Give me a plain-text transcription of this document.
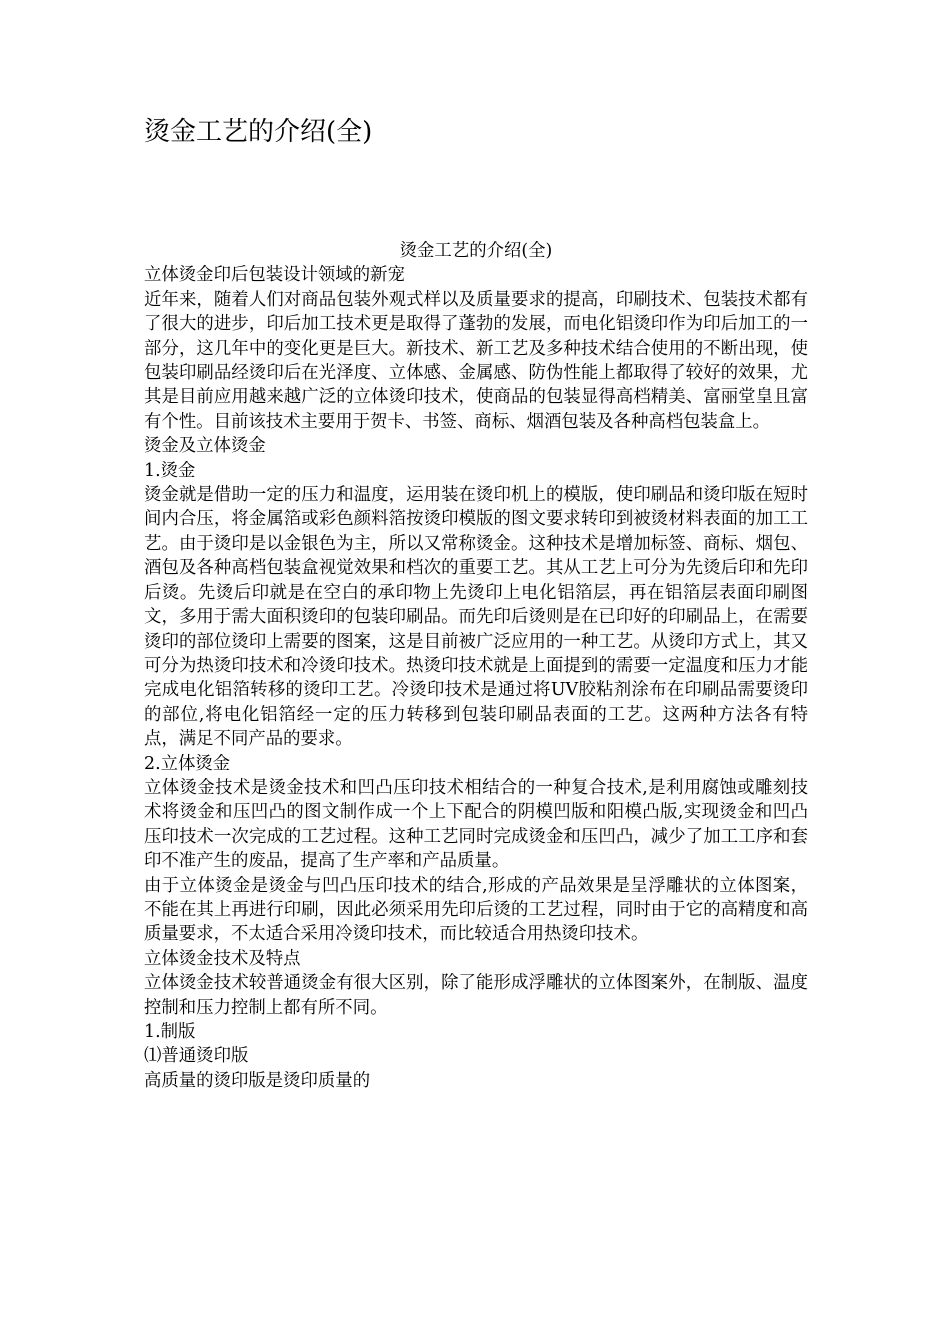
烫金工艺的介绍(全)

烫金工艺的介绍(全)

立体烫金印后包装设计领域的新宠

近年来，随着人们对商品包装外观式样以及质量要求的提高，印刷技术、包装技术都有了很大的进步，印后加工技术更是取得了蓬勃的发展，而电化铝烫印作为印后加工的一部分，这几年中的变化更是巨大。新技术、新工艺及多种技术结合使用的不断出现，使包装印刷品经烫印后在光泽度、立体感、金属感、防伪性能上都取得了较好的效果，尤其是目前应用越来越广泛的立体烫印技术，使商品的包装显得高档精美、富丽堂皇且富有个性。目前该技术主要用于贺卡、书签、商标、烟酒包装及各种高档包装盒上。

烫金及立体烫金

1.烫金

烫金就是借助一定的压力和温度，运用装在烫印机上的模版，使印刷品和烫印版在短时间内合压，将金属箔或彩色颜料箔按烫印模版的图文要求转印到被烫材料表面的加工工艺。由于烫印是以金银色为主，所以又常称烫金。这种技术是增加标签、商标、烟包、酒包及各种高档包装盒视觉效果和档次的重要工艺。其从工艺上可分为先烫后印和先印后烫。先烫后印就是在空白的承印物上先烫印上电化铝箔层，再在铝箔层表面印刷图文，多用于需大面积烫印的包装印刷品。而先印后烫则是在已印好的印刷品上，在需要烫印的部位烫印上需要的图案，这是目前被广泛应用的一种工艺。从烫印方式上，其又可分为热烫印技术和冷烫印技术。热烫印技术就是上面提到的需要一定温度和压力才能完成电化铝箔转移的烫印工艺。冷烫印技术是通过将UV胶粘剂涂布在印刷品需要烫印的部位,将电化铝箔经一定的压力转移到包装印刷品表面的工艺。这两种方法各有特点，满足不同产品的要求。

2.立体烫金

立体烫金技术是烫金技术和凹凸压印技术相结合的一种复合技术,是利用腐蚀或雕刻技术将烫金和压凹凸的图文制作成一个上下配合的阴模凹版和阳模凸版,实现烫金和凹凸压印技术一次完成的工艺过程。这种工艺同时完成烫金和压凹凸，减少了加工工序和套印不准产生的废品，提高了生产率和产品质量。

由于立体烫金是烫金与凹凸压印技术的结合,形成的产品效果是呈浮雕状的立体图案，不能在其上再进行印刷，因此必须采用先印后烫的工艺过程，同时由于它的高精度和高质量要求，不太适合采用冷烫印技术，而比较适合用热烫印技术。

立体烫金技术及特点

立体烫金技术较普通烫金有很大区别，除了能形成浮雕状的立体图案外，在制版、温度控制和压力控制上都有所不同。

1.制版

⑴普通烫印版

高质量的烫印版是烫印质量的
